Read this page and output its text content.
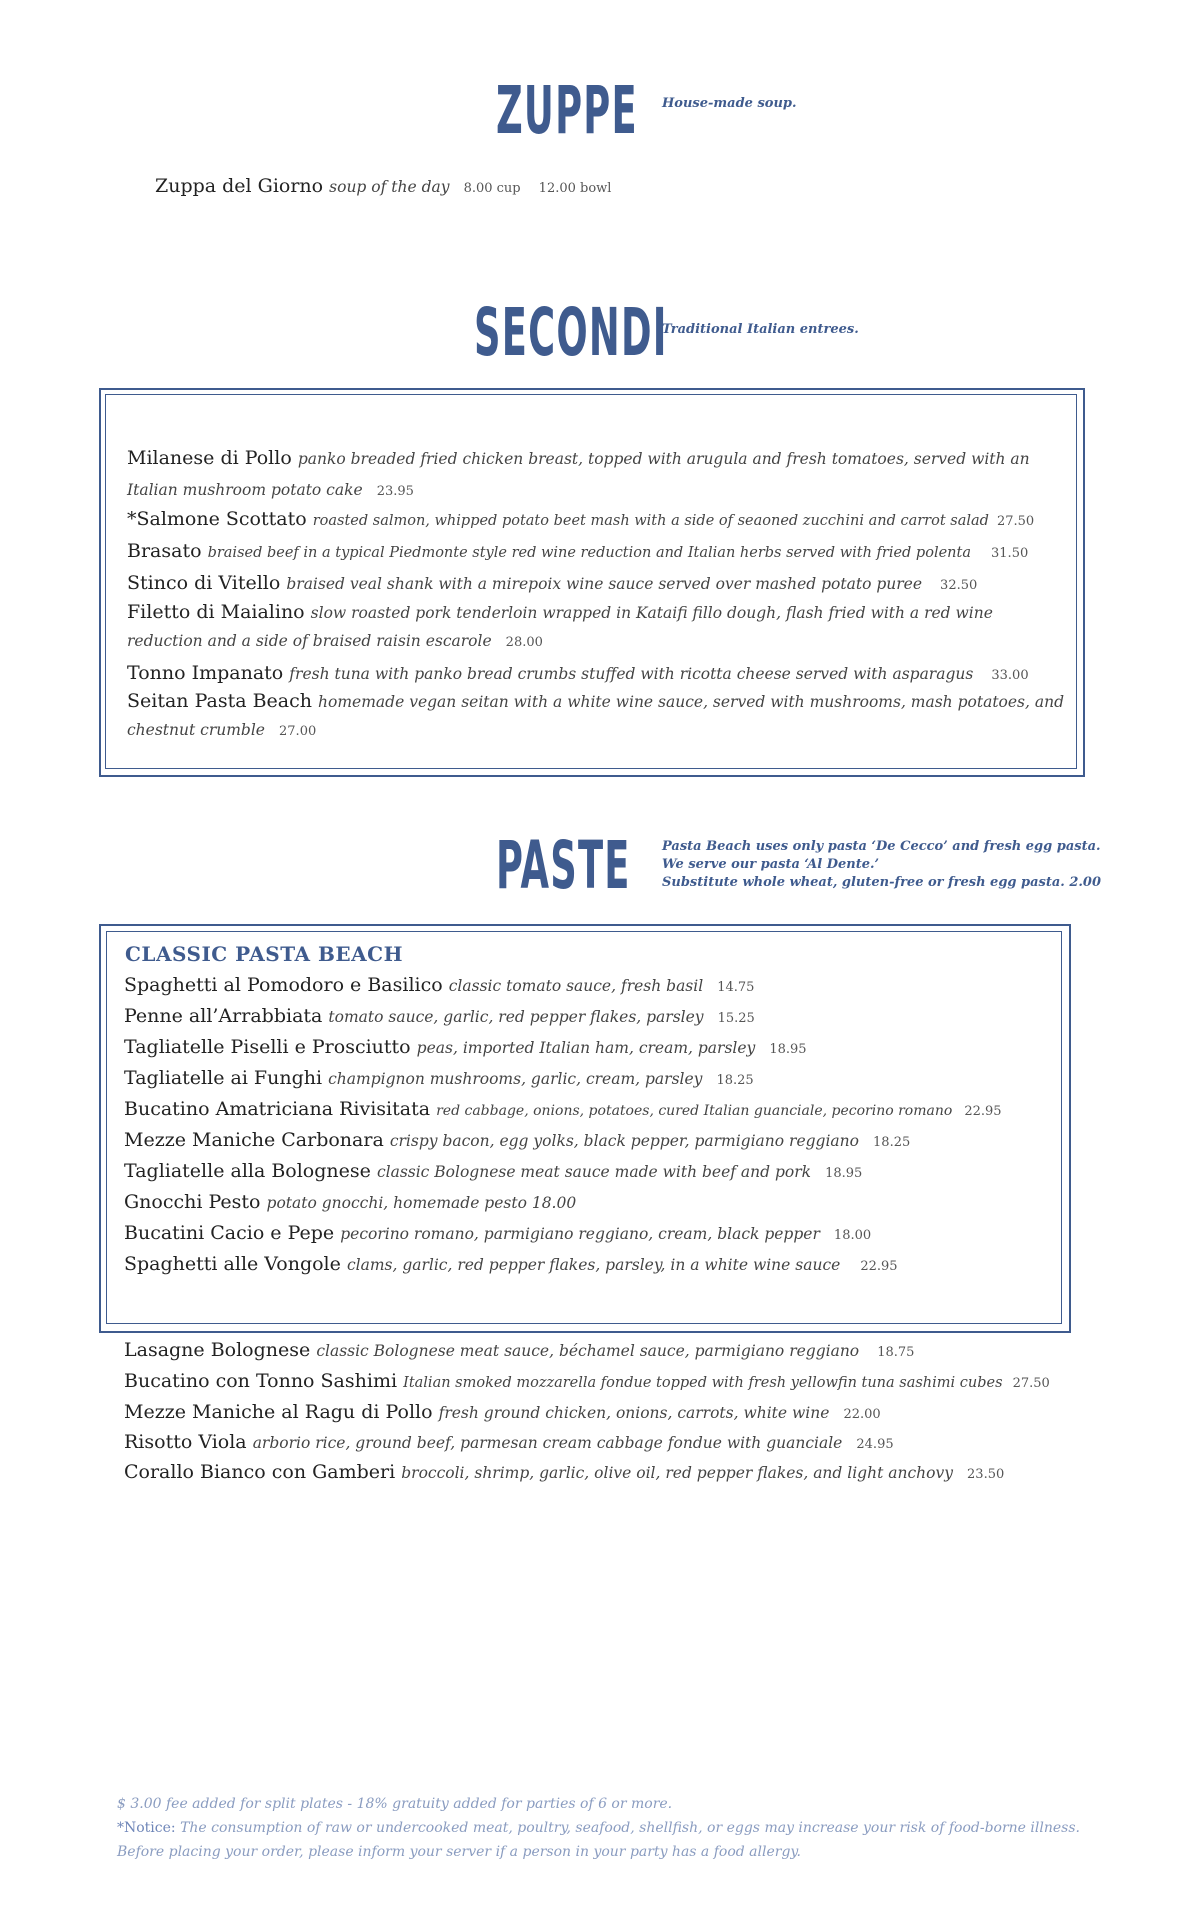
ZUPPE House-made soup.
Zuppa del Giorno soup of the day 8.00 cup 12.00 bowl
SECONDI
Traditional Italian entrees.
Milanese di Pollo panko breaded fried chicken breast, topped with arugula and fresh tomatoes, served with an Italian mushroom potato cake 23.95
*Salmone Scottato roasted salmon, whipped potato beet mash with a side of seaoned zucchini and carrot salad 27.50
Brasato braised beef in a typical Piedmonte style red wine reduction and Italian herbs served with fried polenta 31.50
Stinco di Vitello braised veal shank with a mirepoix wine sauce served over mashed potato puree 32.50
Filetto di Maialino slow roasted pork tenderloin wrapped in Kataifi fillo dough, flash fried with a red wine reduction and a side of braised raisin escarole 28.00
Tonno Impanato fresh tuna with panko bread crumbs stuffed with ricotta cheese served with asparagus 33.00
Seitan Pasta Beach homemade vegan seitan with a white wine sauce, served with mushrooms, mash potatoes, and chestnut crumble 27.00
PASTE Pasta Beach uses only pasta ‘De Cecco’ and fresh egg pasta.
We serve our pasta ‘Al Dente.’
Substitute whole wheat, gluten-free or fresh egg pasta. 2.00
CLASSIC PASTA BEACH
Spaghetti al Pomodoro e Basilico classic tomato sauce, fresh basil 14.75
Penne all’Arrabbiata tomato sauce, garlic, red pepper flakes, parsley 15.25
Tagliatelle Piselli e Prosciutto peas, imported Italian ham, cream, parsley 18.95
Tagliatelle ai Funghi champignon mushrooms, garlic, cream, parsley 18.25
Bucatino Amatriciana Rivisitata red cabbage, onions, potatoes, cured Italian guanciale, pecorino romano 22.95
Mezze Maniche Carbonara crispy bacon, egg yolks, black pepper, parmigiano reggiano 18.25
Tagliatelle alla Bolognese classic Bolognese meat sauce made with beef and pork 18.95
Gnocchi Pesto potato gnocchi, homemade pesto 18.00
Bucatini Cacio e Pepe pecorino romano, parmigiano reggiano, cream, black pepper 18.00
Spaghetti alle Vongole clams, garlic, red pepper flakes, parsley, in a white wine sauce 22.95
Lasagne Bolognese classic Bolognese meat sauce, béchamel sauce, parmigiano reggiano 18.75
Bucatino con Tonno Sashimi Italian smoked mozzarella fondue topped with fresh yellowfin tuna sashimi cubes 27.50
Mezze Maniche al Ragu di Pollo fresh ground chicken, onions, carrots, white wine 22.00
Risotto Viola arborio rice, ground beef, parmesan cream cabbage fondue with guanciale 24.95
Corallo Bianco con Gamberi broccoli, shrimp, garlic, olive oil, red pepper flakes, and light anchovy 23.50
$ 3.00 fee added for split plates - 18% gratuity added for parties of 6 or more.
*Notice: The consumption of raw or undercooked meat, poultry, seafood, shellfish, or eggs may increase your risk of food-borne illness.
Before placing your order, please inform your server if a person in your party has a food allergy.
